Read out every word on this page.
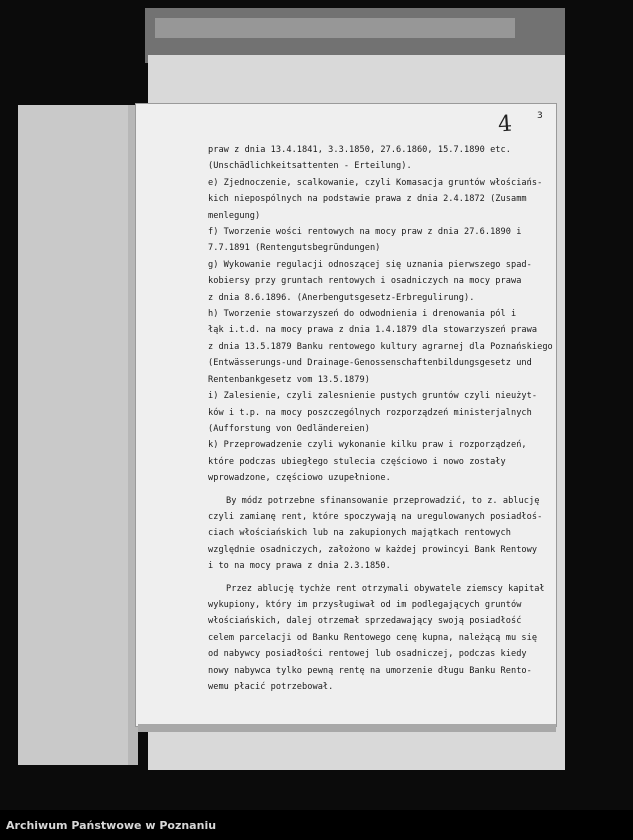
4	3
praw z dnia 13.4.1841, 3.3.1850, 27.6.1860, 15.7.1890 etc.
(Unschädlichkeitsattenten - Erteilung).
e) Zjednoczenie, scalkowanie, czyli Komasacja gruntów włościańs-
kich niepospólnych na podstawie prawa z dnia 2.4.1872 (Zusamm
menlegung)
f) Tworzenie wości rentowych na mocy praw z dnia 27.6.1890 i
7.7.1891 (Rentengutsbegründungen)
g) Wykowanie regulacji odnoszącej się uznania pierwszego spad-
kobiersy przy gruntach rentowych i osadniczych na mocy prawa
z dnia 8.6.1896. (Anerbengutsgesetz-Erbregulirung).
h) Tworzenie stowarzyszeń do odwodnienia i drenowania pól i
łąk i.t.d. na mocy prawa z dnia 1.4.1879 dla stowarzyszeń prawa
z dnia 13.5.1879 Banku rentowego kultury agrarnej dla Poznańskiego
(Entwässerungs-und Drainage-Genossenschaftenbildungsgesetz und
Rentenbankgesetz vom 13.5.1879)
i) Zalesienie, czyli zalesnienie pustych gruntów czyli nieużyt-
ków i t.p. na mocy poszczególnych rozporządzeń ministerjalnych
(Aufforstung von Oedländereien)
k) Przeprowadzenie czyli wykonanie kilku praw i rozporządzeń,
które podczas ubiegłego stulecia częściowo i nowo zostały
wprowadzone, częściowo uzupełnione.
By módz potrzebne sfinansowanie przeprowadzić, to z. ablucję
czyli zamianę rent, które spoczywają na uregulowanych posiadłoś-
ciach włościańskich lub na zakupionych majątkach rentowych
względnie osadniczych, założono w każdej prowincyi Bank Rentowy
i to na mocy prawa z dnia 2.3.1850.
Przez ablucję tychże rent otrzymali obywatele ziemscy kapitał
wykupiony, który im przysługiwał od im podlegających gruntów
włościańskich, dalej otrzemał sprzedawający swoją posiadłość
celem parcelacji od Banku Rentowego cenę kupna, należącą mu się
od nabywcy posiadłości rentowej lub osadniczej, podczas kiedy
nowy nabywca tylko pewną rentę na umorzenie długu Banku Rento-
wemu płacić potrzebował.
Archiwum Państwowe w Poznaniu
